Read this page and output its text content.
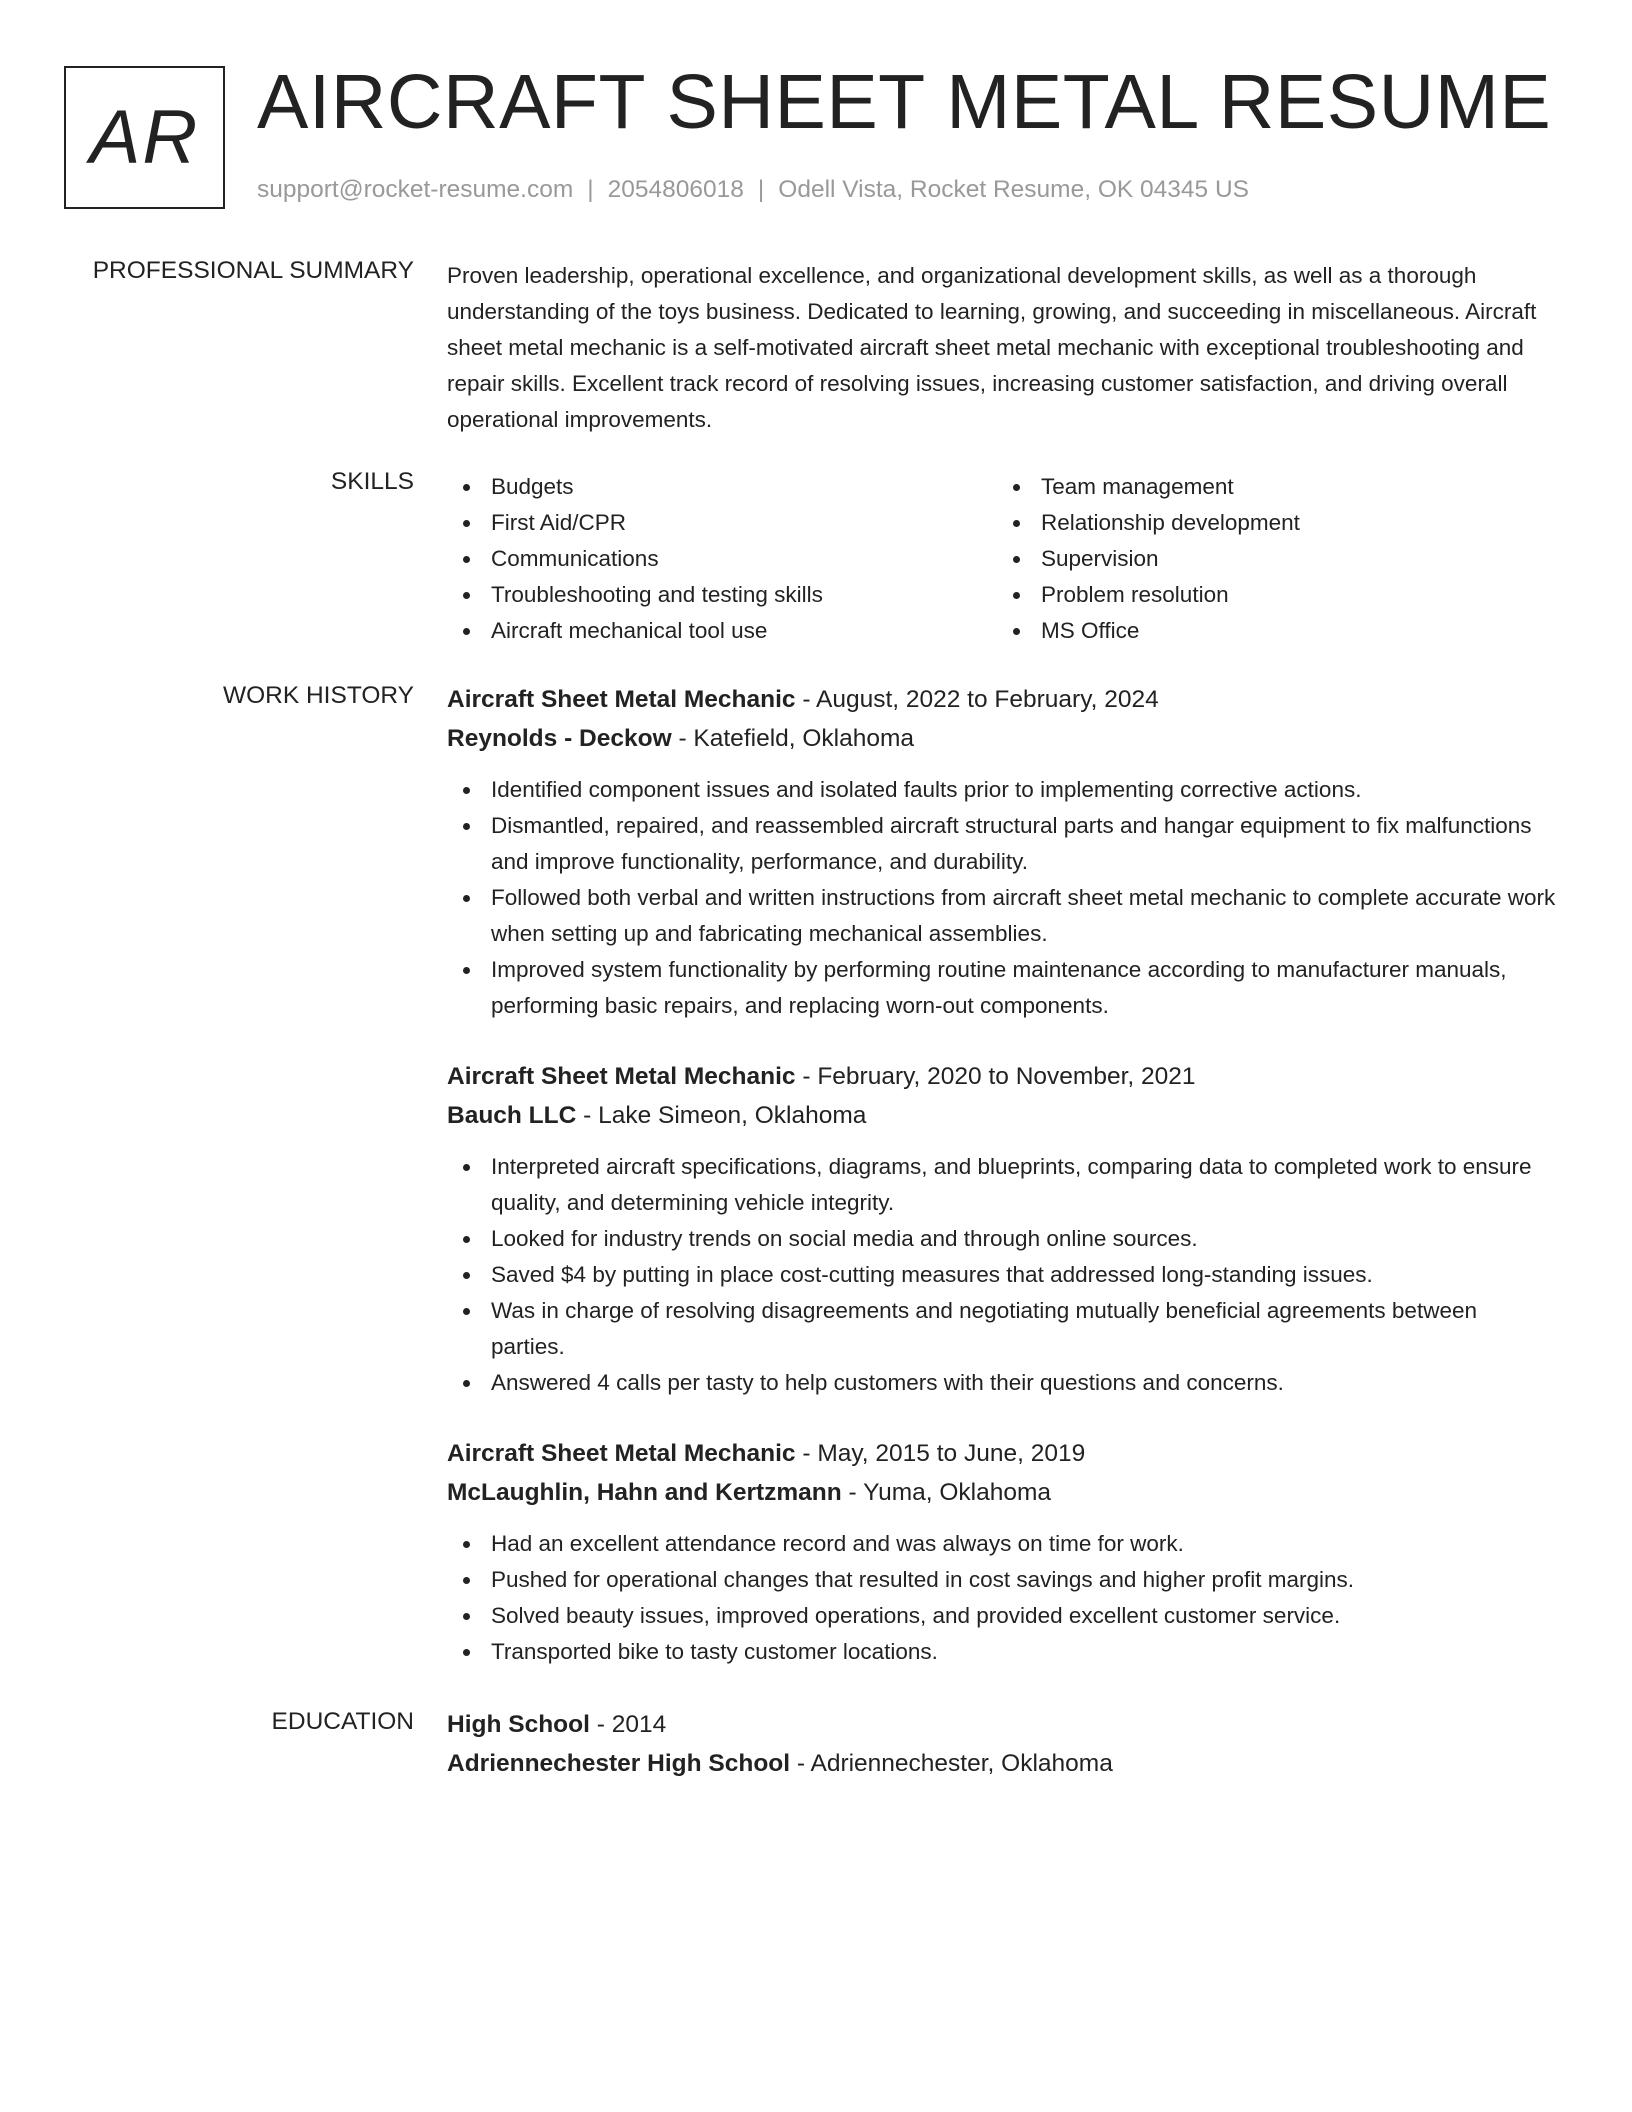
AR AIRCRAFT SHEET METAL RESUME
support@rocket-resume.com | 2054806018 | Odell Vista, Rocket Resume, OK 04345 US
PROFESSIONAL SUMMARY Proven leadership, operational excellence, and organizational development skills, as well as a thorough understanding of the toys business. Dedicated to learning, growing, and succeeding in miscellaneous. Aircraft sheet metal mechanic is a self-motivated aircraft sheet metal mechanic with exceptional troubleshooting and repair skills. Excellent track record of resolving issues, increasing customer satisfaction, and driving overall operational improvements.
SKILLS	Budgets
First Aid/CPR
Communications
Troubleshooting and testing skills
Aircraft mechanical tool use
Team management
Relationship development
Supervision
Problem resolution
MS Office
WORK HISTORY Aircraft Sheet Metal Mechanic - August, 2022 to February, 2024
Reynolds - Deckow - Katefield, Oklahoma
Identified component issues and isolated faults prior to implementing corrective actions.
Dismantled, repaired, and reassembled aircraft structural parts and hangar equipment to fix malfunctions and improve functionality, performance, and durability.
Followed both verbal and written instructions from aircraft sheet metal mechanic to complete accurate work when setting up and fabricating mechanical assemblies.
Improved system functionality by performing routine maintenance according to manufacturer manuals, performing basic repairs, and replacing worn-out components.
Aircraft Sheet Metal Mechanic - February, 2020 to November, 2021
Bauch LLC - Lake Simeon, Oklahoma
Interpreted aircraft specifications, diagrams, and blueprints, comparing data to completed work to ensure quality, and determining vehicle integrity.
Looked for industry trends on social media and through online sources.
Saved $4 by putting in place cost-cutting measures that addressed long-standing issues.
Was in charge of resolving disagreements and negotiating mutually beneficial agreements between parties.
Answered 4 calls per tasty to help customers with their questions and concerns.
Aircraft Sheet Metal Mechanic - May, 2015 to June, 2019
McLaughlin, Hahn and Kertzmann - Yuma, Oklahoma
Had an excellent attendance record and was always on time for work.
Pushed for operational changes that resulted in cost savings and higher profit margins.
Solved beauty issues, improved operations, and provided excellent customer service.
Transported bike to tasty customer locations.
EDUCATION High School - 2014
Adriennechester High School - Adriennechester, Oklahoma
